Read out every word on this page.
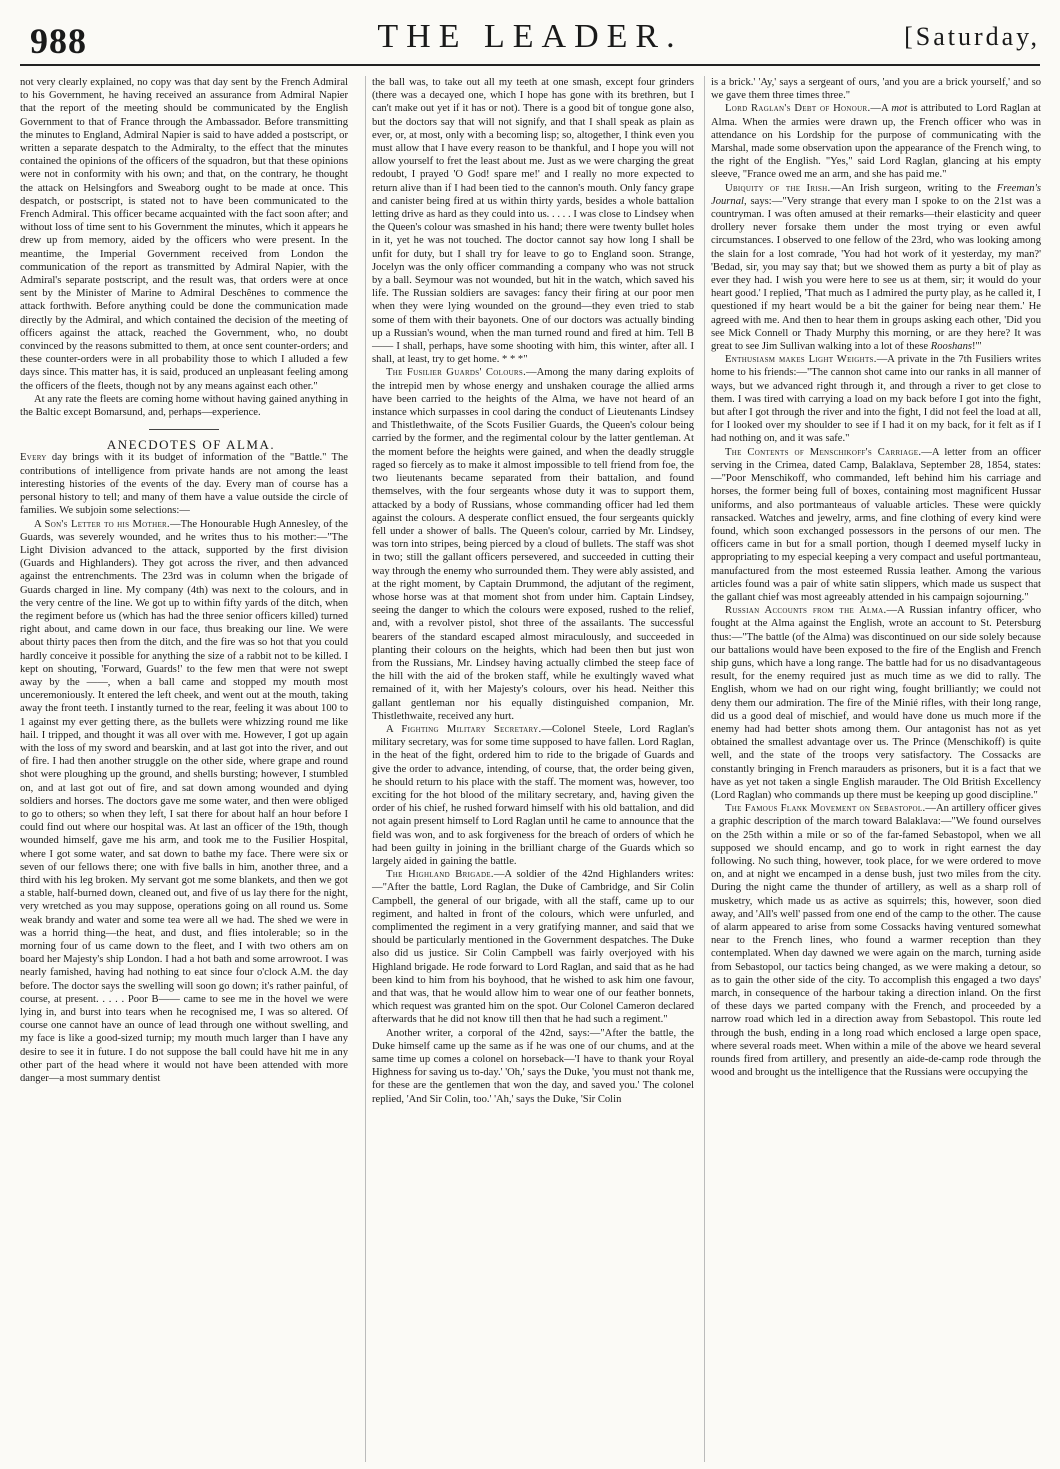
988	THE LEADER.	[Saturday,

not very clearly explained, no copy was that day sent by the French Admiral to his Government, he having received an assurance from Admiral Napier that the report of the meeting should be communicated by the English Government to that of France through the Ambassador. Before transmitting the minutes to England, Admiral Napier is said to have added a postscript, or written a separate despatch to the Admiralty, to the effect that the minutes contained the opinions of the officers of the squadron, but that these opinions were not in conformity with his own; and that, on the contrary, he thought the attack on Helsingfors and Sweaborg ought to be made at once. This despatch, or postscript, is stated not to have been communicated to the French Admiral. This officer became acquainted with the fact soon after; and without loss of time sent to his Government the minutes, which it appears he drew up from memory, aided by the officers who were present. In the meantime, the Imperial Government received from London the communication of the report as transmitted by Admiral Napier, with the Admiral's separate postscript, and the result was, that orders were at once sent by the Minister of Marine to Admiral Deschênes to commence the attack forthwith. Before anything could be done the communication made directly by the Admiral, and which contained the decision of the meeting of officers against the attack, reached the Government, who, no doubt convinced by the reasons submitted to them, at once sent counter-orders; and these counter-orders were in all probability those to which I alluded a few days since. This matter has, it is said, produced an unpleasant feeling among the officers of the fleets, though not by any means against each other."

At any rate the fleets are coming home without having gained anything in the Baltic except Bomarsund, and, perhaps—experience.

ANECDOTES OF ALMA.

Every day brings with it its budget of information of the "Battle." The contributions of intelligence from private hands are not among the least interesting histories of the events of the day. Every man of course has a personal history to tell; and many of them have a value outside the circle of families. We subjoin some selections:—

A Son's Letter to his Mother.—The Honourable Hugh Annesley, of the Guards, was severely wounded, and he writes thus to his mother:—"The Light Division advanced to the attack, supported by the first division (Guards and Highlanders). They got across the river, and then advanced against the entrenchments. The 23rd was in column when the brigade of Guards charged in line. My company (4th) was next to the colours, and in the very centre of the line. We got up to within fifty yards of the ditch, when the regiment before us (which has had the three senior officers killed) turned right about, and came down in our face, thus breaking our line. We were about thirty paces then from the ditch, and the fire was so hot that you could hardly conceive it possible for anything the size of a rabbit not to be killed. I kept on shouting, 'Forward, Guards!' to the few men that were not swept away by the ——, when a ball came and stopped my mouth most unceremoniously. It entered the left cheek, and went out at the mouth, taking away the front teeth. I instantly turned to the rear, feeling it was about 100 to 1 against my ever getting there, as the bullets were whizzing round me like hail. I tripped, and thought it was all over with me. However, I got up again with the loss of my sword and bearskin, and at last got into the river, and out of fire. I had then another struggle on the other side, where grape and round shot were ploughing up the ground, and shells bursting; however, I stumbled on, and at last got out of fire, and sat down among wounded and dying soldiers and horses. The doctors gave me some water, and then were obliged to go to others; so when they left, I sat there for about half an hour before I could find out where our hospital was. At last an officer of the 19th, though wounded himself, gave me his arm, and took me to the Fusilier Hospital, where I got some water, and sat down to bathe my face. There were six or seven of our fellows there; one with five balls in him, another three, and a third with his leg broken. My servant got me some blankets, and then we got a stable, half-burned down, cleaned out, and five of us lay there for the night, very wretched as you may suppose, operations going on all round us. Some weak brandy and water and some tea were all we had. The shed we were in was a horrid thing—the heat, and dust, and flies intolerable; so in the morning four of us came down to the fleet, and I with two others am on board her Majesty's ship London. I had a hot bath and some arrowroot. I was nearly famished, having had nothing to eat since four o'clock A.M. the day before. The doctor says the swelling will soon go down; it's rather painful, of course, at present. . . . . Poor B—— came to see me in the hovel we were lying in, and burst into tears when he recognised me, I was so altered. Of course one cannot have an ounce of lead through one without swelling, and my face is like a good-sized turnip; my mouth much larger than I have any desire to see it in future. I do not suppose the ball could have hit me in any other part of the head where it would not have been attended with more danger—a most summary dentist

the ball was, to take out all my teeth at one smash, except four grinders (there was a decayed one, which I hope has gone with its brethren, but I can't make out yet if it has or not). There is a good bit of tongue gone also, but the doctors say that will not signify, and that I shall speak as plain as ever, or, at most, only with a becoming lisp; so, altogether, I think even you must allow that I have every reason to be thankful, and I hope you will not allow yourself to fret the least about me. Just as we were charging the great redoubt, I prayed 'O God! spare me!' and I really no more expected to return alive than if I had been tied to the cannon's mouth. Only fancy grape and canister being fired at us within thirty yards, besides a whole battalion letting drive as hard as they could into us. . . . . I was close to Lindsey when the Queen's colour was smashed in his hand; there were twenty bullet holes in it, yet he was not touched. The doctor cannot say how long I shall be unfit for duty, but I shall try for leave to go to England soon. Strange, Jocelyn was the only officer commanding a company who was not struck by a ball. Seymour was not wounded, but hit in the watch, which saved his life. The Russian soldiers are savages: fancy their firing at our poor men when they were lying wounded on the ground—they even tried to stab some of them with their bayonets. One of our doctors was actually binding up a Russian's wound, when the man turned round and fired at him. Tell B—— I shall, perhaps, have some shooting with him, this winter, after all. I shall, at least, try to get home. * * *"

The Fusilier Guards' Colours.—Among the many daring exploits of the intrepid men by whose energy and unshaken courage the allied arms have been carried to the heights of the Alma, we have not heard of an instance which surpasses in cool daring the conduct of Lieutenants Lindsey and Thistlethwaite, of the Scots Fusilier Guards, the Queen's colour being carried by the former, and the regimental colour by the latter gentleman. At the moment before the heights were gained, and when the deadly struggle raged so fiercely as to make it almost impossible to tell friend from foe, the two lieutenants became separated from their battalion, and found themselves, with the four sergeants whose duty it was to support them, attacked by a body of Russians, whose commanding officer had led them against the colours. A desperate conflict ensued, the four sergeants quickly fell under a shower of balls. The Queen's colour, carried by Mr. Lindsey, was torn into stripes, being pierced by a cloud of bullets. The staff was shot in two; still the gallant officers persevered, and succeeded in cutting their way through the enemy who surrounded them. They were ably assisted, and at the right moment, by Captain Drummond, the adjutant of the regiment, whose horse was at that moment shot from under him. Captain Lindsey, seeing the danger to which the colours were exposed, rushed to the relief, and, with a revolver pistol, shot three of the assailants. The successful bearers of the standard escaped almost miraculously, and succeeded in planting their colours on the heights, which had been then but just won from the Russians, Mr. Lindsey having actually climbed the steep face of the hill with the aid of the broken staff, while he exultingly waved what remained of it, with her Majesty's colours, over his head. Neither this gallant gentleman nor his equally distinguished companion, Mr. Thistlethwaite, received any hurt.

A Fighting Military Secretary.—Colonel Steele, Lord Raglan's military secretary, was for some time supposed to have fallen. Lord Raglan, in the heat of the fight, ordered him to ride to the brigade of Guards and give the order to advance, intending, of course, that, the order being given, he should return to his place with the staff. The moment was, however, too exciting for the hot blood of the military secretary, and, having given the order of his chief, he rushed forward himself with his old battalion, and did not again present himself to Lord Raglan until he came to announce that the field was won, and to ask forgiveness for the breach of orders of which he had been guilty in joining in the brilliant charge of the Guards which so largely aided in gaining the battle.

The Highland Brigade.—A soldier of the 42nd Highlanders writes:—"After the battle, Lord Raglan, the Duke of Cambridge, and Sir Colin Campbell, the general of our brigade, with all the staff, came up to our regiment, and halted in front of the colours, which were unfurled, and complimented the regiment in a very gratifying manner, and said that we should be particularly mentioned in the Government despatches. The Duke also did us justice. Sir Colin Campbell was fairly overjoyed with his Highland brigade. He rode forward to Lord Raglan, and said that as he had been kind to him from his boyhood, that he wished to ask him one favour, and that was, that he would allow him to wear one of our feather bonnets, which request was granted him on the spot. Our Colonel Cameron declared afterwards that he did not know till then that he had such a regiment."

Another writer, a corporal of the 42nd, says:—"After the battle, the Duke himself came up the same as if he was one of our chums, and at the same time up comes a colonel on horseback—'I have to thank your Royal Highness for saving us to-day.' 'Oh,' says the Duke, 'you must not thank me, for these are the gentlemen that won the day, and saved you.' The colonel replied, 'And Sir Colin, too.' 'Ah,' says the Duke, 'Sir Colin

is a brick.' 'Ay,' says a sergeant of ours, 'and you are a brick yourself,' and so we gave them three times three."

Lord Raglan's Debt of Honour.—A mot is attributed to Lord Raglan at Alma. When the armies were drawn up, the French officer who was in attendance on his Lordship for the purpose of communicating with the Marshal, made some observation upon the appearance of the French wing, to the right of the English. "Yes," said Lord Raglan, glancing at his empty sleeve, "France owed me an arm, and she has paid me."

Ubiquity of the Irish.—An Irish surgeon, writing to the Freeman's Journal, says:—"Very strange that every man I spoke to on the 21st was a countryman. I was often amused at their remarks—their elasticity and queer drollery never forsake them under the most trying or even awful circumstances. I observed to one fellow of the 23rd, who was looking among the slain for a lost comrade, 'You had hot work of it yesterday, my man?' 'Bedad, sir, you may say that; but we showed them as purty a bit of play as ever they had. I wish you were here to see us at them, sir; it would do your heart good.' I replied, 'That much as I admired the purty play, as he called it, I questioned if my heart would be a bit the gainer for being near them.' He agreed with me. And then to hear them in groups asking each other, 'Did you see Mick Connell or Thady Murphy this morning, or are they here? It was great to see Jim Sullivan walking into a lot of these Rooshans!'"

Enthusiasm makes Light Weights.—A private in the 7th Fusiliers writes home to his friends:—"The cannon shot came into our ranks in all manner of ways, but we advanced right through it, and through a river to get close to them. I was tired with carrying a load on my back before I got into the fight, but after I got through the river and into the fight, I did not feel the load at all, for I looked over my shoulder to see if I had it on my back, for it felt as if I had nothing on, and it was safe."

The Contents of Menschikoff's Carriage.—A letter from an officer serving in the Crimea, dated Camp, Balaklava, September 28, 1854, states:—"Poor Menschikoff, who commanded, left behind him his carriage and horses, the former being full of boxes, containing most magnificent Hussar uniforms, and also portmanteaus of valuable articles. These were quickly ransacked. Watches and jewelry, arms, and fine clothing of every kind were found, which soon exchanged possessors in the persons of our men. The officers came in but for a small portion, though I deemed myself lucky in appropriating to my especial keeping a very compact and useful portmanteau, manufactured from the most esteemed Russia leather. Among the various articles found was a pair of white satin slippers, which made us suspect that the gallant chief was most agreeably attended in his campaign sojourning."

Russian Accounts from the Alma.—A Russian infantry officer, who fought at the Alma against the English, wrote an account to St. Petersburg thus:—"The battle (of the Alma) was discontinued on our side solely because our battalions would have been exposed to the fire of the English and French ship guns, which have a long range. The battle had for us no disadvantageous result, for the enemy required just as much time as we did to rally. The English, whom we had on our right wing, fought brilliantly; we could not deny them our admiration. The fire of the Minié rifles, with their long range, did us a good deal of mischief, and would have done us much more if the enemy had had better shots among them. Our antagonist has not as yet obtained the smallest advantage over us. The Prince (Menschikoff) is quite well, and the state of the troops very satisfactory. The Cossacks are constantly bringing in French marauders as prisoners, but it is a fact that we have as yet not taken a single English marauder. The Old British Excellency (Lord Raglan) who commands up there must be keeping up good discipline."

The Famous Flank Movement on Sebastopol.—An artillery officer gives a graphic description of the march toward Balaklava:—"We found ourselves on the 25th within a mile or so of the far-famed Sebastopol, when we all supposed we should encamp, and go to work in right earnest the day following. No such thing, however, took place, for we were ordered to move on, and at night we encamped in a dense bush, just two miles from the city. During the night came the thunder of artillery, as well as a sharp roll of musketry, which made us as active as squirrels; this, however, soon died away, and 'All's well' passed from one end of the camp to the other. The cause of alarm appeared to arise from some Cossacks having ventured somewhat near to the French lines, who found a warmer reception than they contemplated. When day dawned we were again on the march, turning aside from Sebastopol, our tactics being changed, as we were making a detour, so as to gain the other side of the city. To accomplish this engaged a two days' march, in consequence of the harbour taking a direction inland. On the first of these days we parted company with the French, and proceeded by a narrow road which led in a direction away from Sebastopol. This route led through the bush, ending in a long road which enclosed a large open space, where several roads meet. When within a mile of the above we heard several rounds fired from artillery, and presently an aide-de-camp rode through the wood and brought us the intelligence that the Russians were occupying the
